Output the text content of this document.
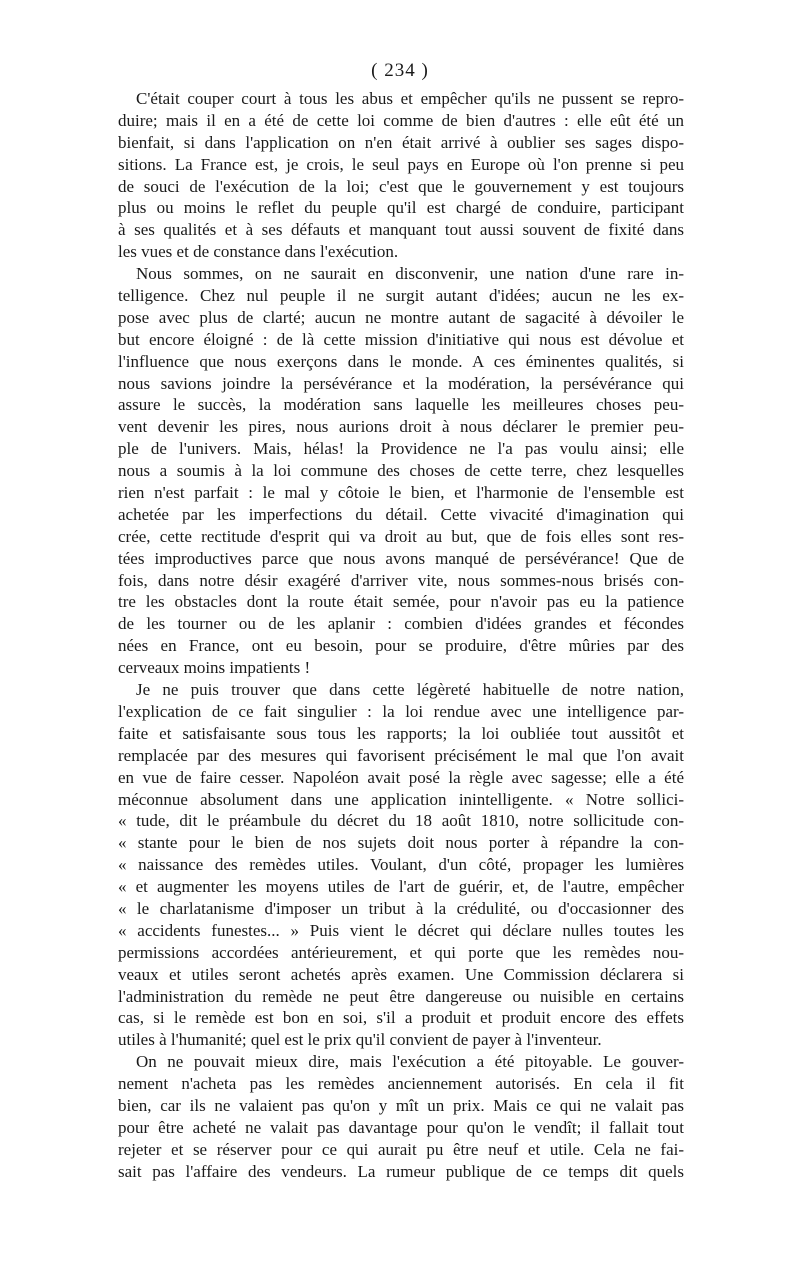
( 234 )
C'était couper court à tous les abus et empêcher qu'ils ne pussent se repro-
duire; mais il en a été de cette loi comme de bien d'autres : elle eût été un
bienfait, si dans l'application on n'en était arrivé à oublier ses sages dispo-
sitions. La France est, je crois, le seul pays en Europe où l'on prenne si peu
de souci de l'exécution de la loi; c'est que le gouvernement y est toujours
plus ou moins le reflet du peuple qu'il est chargé de conduire, participant
à ses qualités et à ses défauts et manquant tout aussi souvent de fixité dans
les vues et de constance dans l'exécution.
Nous sommes, on ne saurait en disconvenir, une nation d'une rare in-
telligence. Chez nul peuple il ne surgit autant d'idées; aucun ne les ex-
pose avec plus de clarté; aucun ne montre autant de sagacité à dévoiler le
but encore éloigné : de là cette mission d'initiative qui nous est dévolue et
l'influence que nous exerçons dans le monde. A ces éminentes qualités, si
nous savions joindre la persévérance et la modération, la persévérance qui
assure le succès, la modération sans laquelle les meilleures choses peu-
vent devenir les pires, nous aurions droit à nous déclarer le premier peu-
ple de l'univers. Mais, hélas! la Providence ne l'a pas voulu ainsi; elle
nous a soumis à la loi commune des choses de cette terre, chez lesquelles
rien n'est parfait : le mal y côtoie le bien, et l'harmonie de l'ensemble est
achetée par les imperfections du détail. Cette vivacité d'imagination qui
crée, cette rectitude d'esprit qui va droit au but, que de fois elles sont res-
tées improductives parce que nous avons manqué de persévérance! Que de
fois, dans notre désir exagéré d'arriver vite, nous sommes-nous brisés con-
tre les obstacles dont la route était semée, pour n'avoir pas eu la patience
de les tourner ou de les aplanir : combien d'idées grandes et fécondes
nées en France, ont eu besoin, pour se produire, d'être mûries par des
cerveaux moins impatients !
Je ne puis trouver que dans cette légèreté habituelle de notre nation,
l'explication de ce fait singulier : la loi rendue avec une intelligence par-
faite et satisfaisante sous tous les rapports; la loi oubliée tout aussitôt et
remplacée par des mesures qui favorisent précisément le mal que l'on avait
en vue de faire cesser. Napoléon avait posé la règle avec sagesse; elle a été
méconnue absolument dans une application inintelligente. « Notre sollici-
« tude, dit le préambule du décret du 18 août 1810, notre sollicitude con-
« stante pour le bien de nos sujets doit nous porter à répandre la con-
« naissance des remèdes utiles. Voulant, d'un côté, propager les lumières
« et augmenter les moyens utiles de l'art de guérir, et, de l'autre, empêcher
« le charlatanisme d'imposer un tribut à la crédulité, ou d'occasionner des
« accidents funestes... » Puis vient le décret qui déclare nulles toutes les
permissions accordées antérieurement, et qui porte que les remèdes nou-
veaux et utiles seront achetés après examen. Une Commission déclarera si
l'administration du remède ne peut être dangereuse ou nuisible en certains
cas, si le remède est bon en soi, s'il a produit et produit encore des effets
utiles à l'humanité; quel est le prix qu'il convient de payer à l'inventeur.
On ne pouvait mieux dire, mais l'exécution a été pitoyable. Le gouver-
nement n'acheta pas les remèdes anciennement autorisés. En cela il fit
bien, car ils ne valaient pas qu'on y mît un prix. Mais ce qui ne valait pas
pour être acheté ne valait pas davantage pour qu'on le vendît; il fallait tout
rejeter et se réserver pour ce qui aurait pu être neuf et utile. Cela ne fai-
sait pas l'affaire des vendeurs. La rumeur publique de ce temps dit quels
